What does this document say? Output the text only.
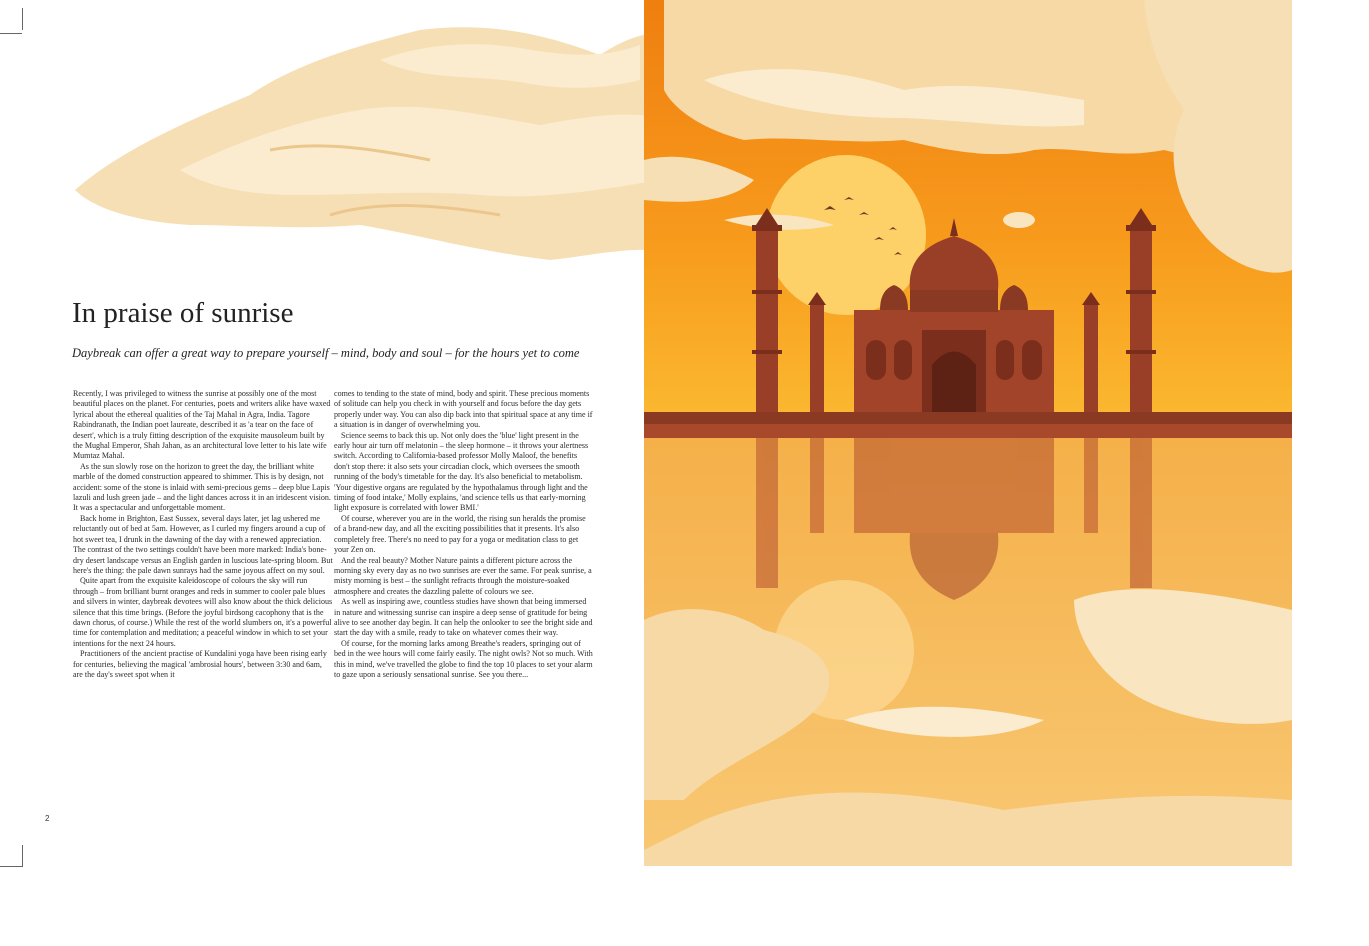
In praise of sunrise

Daybreak can offer a great way to prepare yourself – mind, body and soul – for the hours yet to come

Recently, I was privileged to witness the sunrise at possibly one of the most beautiful places on the planet. For centuries, poets and writers alike have waxed lyrical about the ethereal qualities of the Taj Mahal in Agra, India. Tagore Rabindranath, the Indian poet laureate, described it as 'a tear on the face of desert', which is a truly fitting description of the exquisite mausoleum built by the Mughal Emperor, Shah Jahan, as an architectural love letter to his late wife Mumtaz Mahal.

As the sun slowly rose on the horizon to greet the day, the brilliant white marble of the domed construction appeared to shimmer. This is by design, not accident: some of the stone is inlaid with semi-precious gems – deep blue Lapis lazuli and lush green jade – and the light dances across it in an iridescent vision. It was a spectacular and unforgettable moment.

Back home in Brighton, East Sussex, several days later, jet lag ushered me reluctantly out of bed at 5am. However, as I curled my fingers around a cup of hot sweet tea, I drunk in the dawning of the day with a renewed appreciation. The contrast of the two settings couldn't have been more marked: India's bone-dry desert landscape versus an English garden in luscious late-spring bloom. But here's the thing: the pale dawn sunrays had the same joyous affect on my soul.

Quite apart from the exquisite kaleidoscope of colours the sky will run through – from brilliant burnt oranges and reds in summer to cooler pale blues and silvers in winter, daybreak devotees will also know about the thick delicious silence that this time brings. (Before the joyful birdsong cacophony that is the dawn chorus, of course.) While the rest of the world slumbers on, it's a powerful time for contemplation and meditation; a peaceful window in which to set your intentions for the next 24 hours.

Practitioners of the ancient practise of Kundalini yoga have been rising early for centuries, believing the magical 'ambrosial hours', between 3:30 and 6am, are the day's sweet spot when it

comes to tending to the state of mind, body and spirit. These precious moments of solitude can help you check in with yourself and focus before the day gets properly under way. You can also dip back into that spiritual space at any time if a situation is in danger of overwhelming you.

Science seems to back this up. Not only does the 'blue' light present in the early hour air turn off melatonin – the sleep hormone – it throws your alertness switch. According to California-based professor Molly Maloof, the benefits don't stop there: it also sets your circadian clock, which oversees the smooth running of the body's timetable for the day. It's also beneficial to metabolism. 'Your digestive organs are regulated by the hypothalamus through light and the timing of food intake,' Molly explains, 'and science tells us that early-morning light exposure is correlated with lower BMI.'

Of course, wherever you are in the world, the rising sun heralds the promise of a brand-new day, and all the exciting possibilities that it presents. It's also completely free. There's no need to pay for a yoga or meditation class to get your Zen on.

And the real beauty? Mother Nature paints a different picture across the morning sky every day as no two sunrises are ever the same. For peak sunrise, a misty morning is best – the sunlight refracts through the moisture-soaked atmosphere and creates the dazzling palette of colours we see.

As well as inspiring awe, countless studies have shown that being immersed in nature and witnessing sunrise can inspire a deep sense of gratitude for being alive to see another day begin. It can help the onlooker to see the bright side and start the day with a smile, ready to take on whatever comes their way.

Of course, for the morning larks among Breathe's readers, springing out of bed in the wee hours will come fairly easily. The night owls? Not so much. With this in mind, we've travelled the globe to find the top 10 places to set your alarm to gaze upon a seriously sensational sunrise. See you there...

2
